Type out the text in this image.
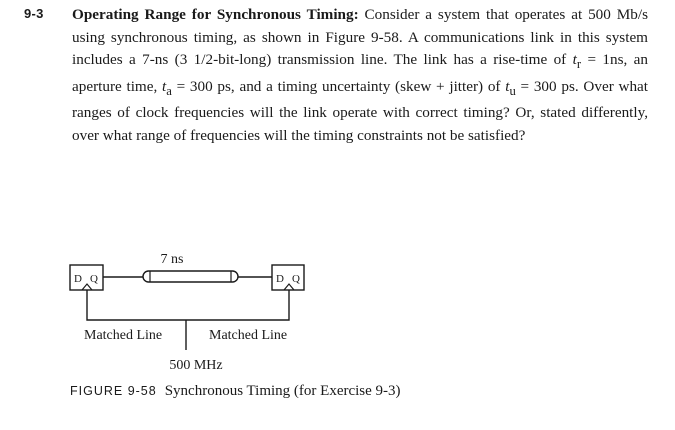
9-3 Operating Range for Synchronous Timing: Consider a system that operates at 500 Mb/s using synchronous timing, as shown in Figure 9-58. A communications link in this system includes a 7-ns (3 1/2-bit-long) transmission line. The link has a rise-time of $t_r = 1ns$, an aperture time, $t_a = 300$ ps, and a timing uncertainty (skew + jitter) of $t_u = 300$ ps. Over what ranges of clock frequencies will the link operate with correct timing? Or, stated differently, over what range of frequencies will the timing constraints not be satisfied?

7 ns
D Q	D Q
Matched Line	Matched Line
500 MHz
FIGURE 9-58 Synchronous Timing (for Exercise 9-3)
